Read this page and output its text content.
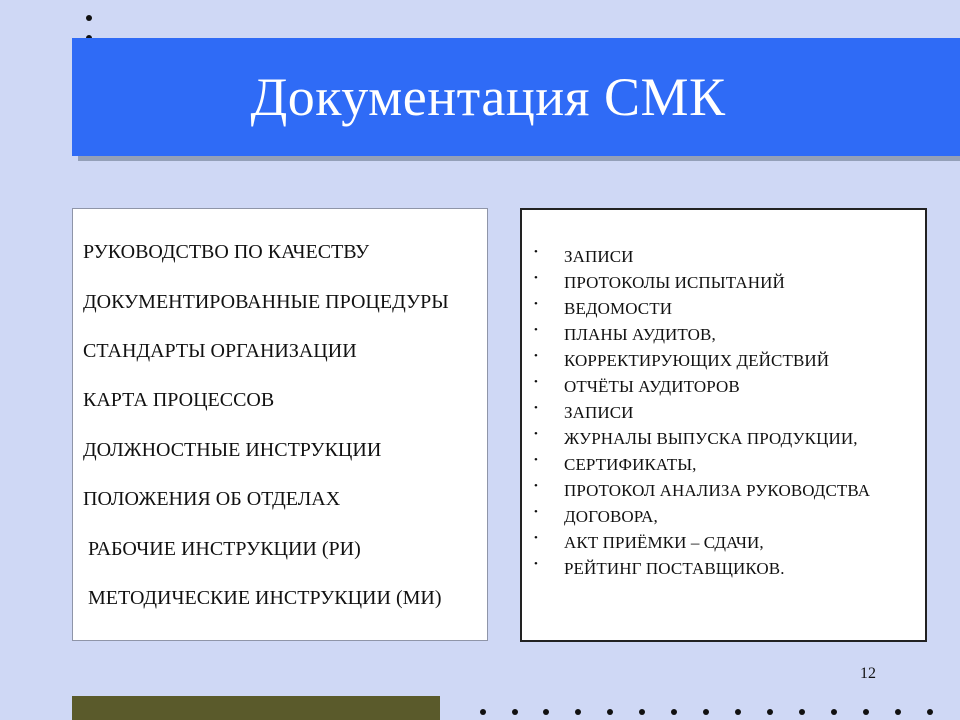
Документация СМК
РУКОВОДСТВО ПО КАЧЕСТВУ
ДОКУМЕНТИРОВАННЫЕ ПРОЦЕДУРЫ
СТАНДАРТЫ ОРГАНИЗАЦИИ
КАРТА ПРОЦЕССОВ
ДОЛЖНОСТНЫЕ ИНСТРУКЦИИ
ПОЛОЖЕНИЯ ОБ ОТДЕЛАХ
РАБОЧИЕ ИНСТРУКЦИИ (РИ)
МЕТОДИЧЕСКИЕ ИНСТРУКЦИИ (МИ)
•	ЗАПИСИ
•	ПРОТОКОЛЫ ИСПЫТАНИЙ
•	ВЕДОМОСТИ
•	ПЛАНЫ АУДИТОВ,
•	КОРРЕКТИРУЮЩИХ ДЕЙСТВИЙ
•	ОТЧЁТЫ АУДИТОРОВ
•	ЗАПИСИ
•	ЖУРНАЛЫ ВЫПУСКА ПРОДУКЦИИ,
•	СЕРТИФИКАТЫ,
•	ПРОТОКОЛ АНАЛИЗА РУКОВОДСТВА
•	ДОГОВОРА,
•	АКТ ПРИЁМКИ – СДАЧИ,
•	РЕЙТИНГ ПОСТАВЩИКОВ.
12
